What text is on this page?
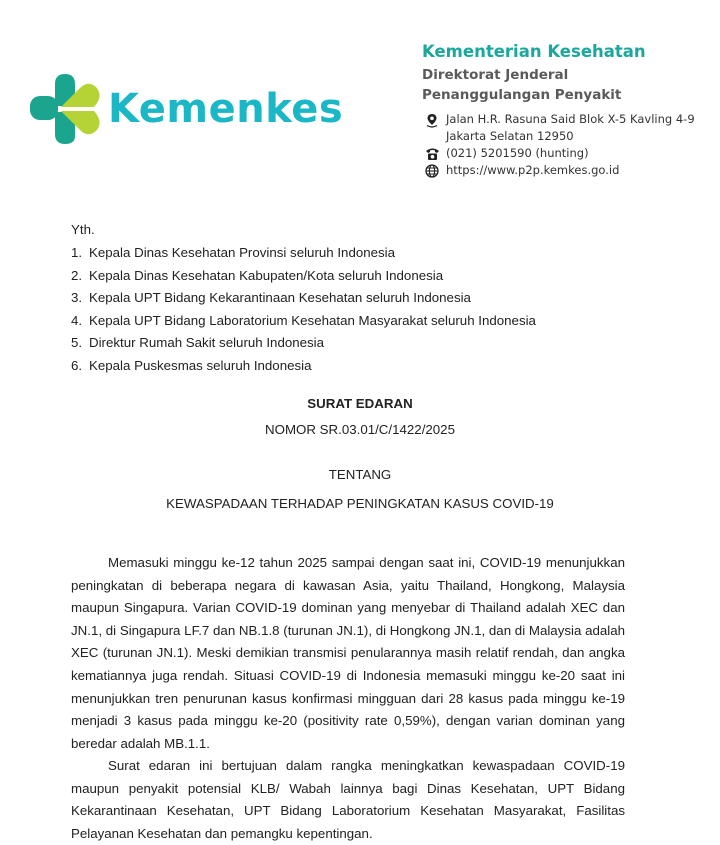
Kemenkes
Kementerian Kesehatan
Direktorat Jenderal
Penanggulangan Penyakit
Jalan H.R. Rasuna Said Blok X-5 Kavling 4-9
Jakarta Selatan 12950
(021) 5201590 (hunting)
https://www.p2p.kemkes.go.id
Yth.
1. Kepala Dinas Kesehatan Provinsi seluruh Indonesia
2. Kepala Dinas Kesehatan Kabupaten/Kota seluruh Indonesia
3. Kepala UPT Bidang Kekarantinaan Kesehatan seluruh Indonesia
4. Kepala UPT Bidang Laboratorium Kesehatan Masyarakat seluruh Indonesia
5. Direktur Rumah Sakit seluruh Indonesia
6. Kepala Puskesmas seluruh Indonesia
SURAT EDARAN
NOMOR SR.03.01/C/1422/2025
TENTANG
KEWASPADAAN TERHADAP PENINGKATAN KASUS COVID-19

Memasuki minggu ke-12 tahun 2025 sampai dengan saat ini, COVID-19 menunjukkan peningkatan di beberapa negara di kawasan Asia, yaitu Thailand, Hongkong, Malaysia maupun Singapura. Varian COVID-19 dominan yang menyebar di Thailand adalah XEC dan JN.1, di Singapura LF.7 dan NB.1.8 (turunan JN.1), di Hongkong JN.1, dan di Malaysia adalah XEC (turunan JN.1). Meski demikian transmisi penularannya masih relatif rendah, dan angka kematiannya juga rendah. Situasi COVID-19 di Indonesia memasuki minggu ke-20 saat ini menunjukkan tren penurunan kasus konfirmasi mingguan dari 28 kasus pada minggu ke-19 menjadi 3 kasus pada minggu ke-20 (positivity rate 0,59%), dengan varian dominan yang beredar adalah MB.1.1.

Surat edaran ini bertujuan dalam rangka meningkatkan kewaspadaan COVID-19 maupun penyakit potensial KLB/ Wabah lainnya bagi Dinas Kesehatan, UPT Bidang Kekarantinaan Kesehatan, UPT Bidang Laboratorium Kesehatan Masyarakat, Fasilitas Pelayanan Kesehatan dan pemangku kepentingan.
